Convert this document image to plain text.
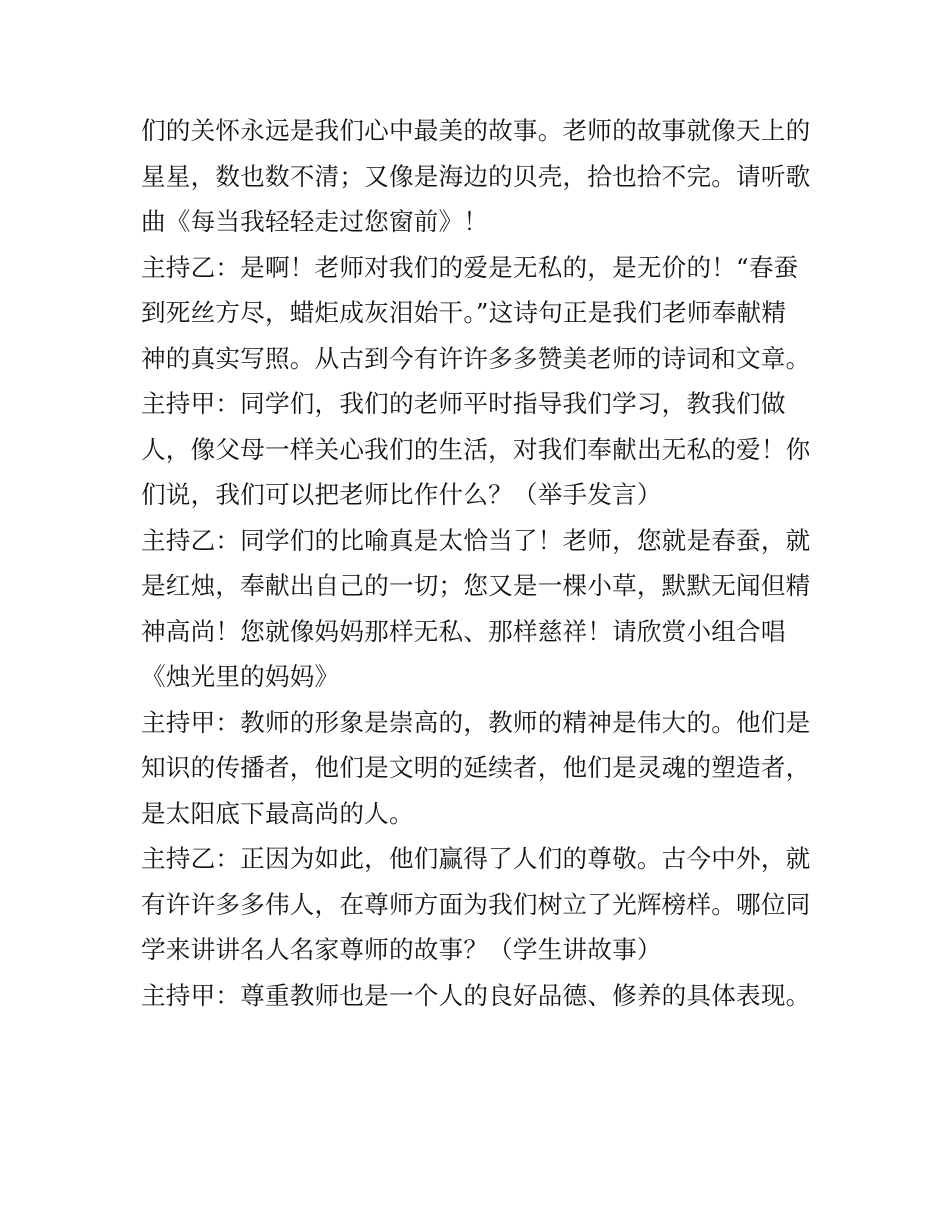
们的关怀永远是我们心中最美的故事。老师的故事就像天上的
星星，数也数不清；又像是海边的贝壳，拾也拾不完。请听歌
曲《每当我轻轻走过您窗前》！
主持乙：是啊！老师对我们的爱是无私的，是无价的！“春蚕
到死丝方尽，蜡炬成灰泪始干。”这诗句正是我们老师奉献精
神的真实写照。从古到今有许许多多赞美老师的诗词和文章。
主持甲：同学们，我们的老师平时指导我们学习，教我们做
人，像父母一样关心我们的生活，对我们奉献出无私的爱！你
们说，我们可以把老师比作什么？（举手发言）
主持乙：同学们的比喻真是太恰当了！老师，您就是春蚕，就
是红烛，奉献出自己的一切；您又是一棵小草，默默无闻但精
神高尚！您就像妈妈那样无私、那样慈祥！请欣赏小组合唱
《烛光里的妈妈》
主持甲：教师的形象是崇高的，教师的精神是伟大的。他们是
知识的传播者，他们是文明的延续者，他们是灵魂的塑造者，
是太阳底下最高尚的人。
主持乙：正因为如此，他们赢得了人们的尊敬。古今中外，就
有许许多多伟人，在尊师方面为我们树立了光辉榜样。哪位同
学来讲讲名人名家尊师的故事？（学生讲故事）
主持甲：尊重教师也是一个人的良好品德、修养的具体表现。
